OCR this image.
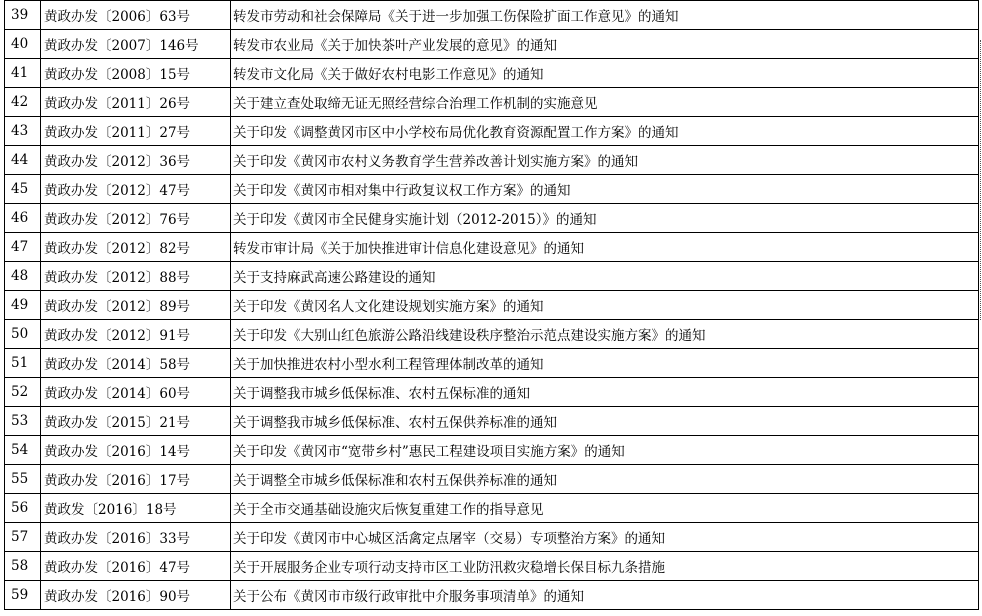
39	黄政办发〔2006〕63号	转发市劳动和社会保障局《关于进一步加强工伤保险扩面工作意见》的通知
40	黄政办发〔2007〕146号	转发市农业局《关于加快茶叶产业发展的意见》的通知
41	黄政办发〔2008〕15号	转发市文化局《关于做好农村电影工作意见》的通知
42	黄政办发〔2011〕26号	关于建立查处取缔无证无照经营综合治理工作机制的实施意见
43	黄政办发〔2011〕27号	关于印发《调整黄冈市区中小学校布局优化教育资源配置工作方案》的通知
44	黄政办发〔2012〕36号	关于印发《黄冈市农村义务教育学生营养改善计划实施方案》的通知
45	黄政办发〔2012〕47号	关于印发《黄冈市相对集中行政复议权工作方案》的通知
46	黄政办发〔2012〕76号	关于印发《黄冈市全民健身实施计划（2012-2015）》的通知
47	黄政办发〔2012〕82号	转发市审计局《关于加快推进审计信息化建设意见》的通知
48	黄政办发〔2012〕88号	关于支持麻武高速公路建设的通知
49	黄政办发〔2012〕89号	关于印发《黄冈名人文化建设规划实施方案》的通知
50	黄政办发〔2012〕91号	关于印发《大别山红色旅游公路沿线建设秩序整治示范点建设实施方案》的通知
51	黄政办发〔2014〕58号	关于加快推进农村小型水利工程管理体制改革的通知
52	黄政办发〔2014〕60号	关于调整我市城乡低保标准、农村五保标准的通知
53	黄政办发〔2015〕21号	关于调整我市城乡低保标准、农村五保供养标准的通知
54	黄政办发〔2016〕14号	关于印发《黄冈市“宽带乡村”惠民工程建设项目实施方案》的通知
55	黄政办发〔2016〕17号	关于调整全市城乡低保标准和农村五保供养标准的通知
56	黄政发〔2016〕18号	关于全市交通基础设施灾后恢复重建工作的指导意见
57	黄政办发〔2016〕33号	关于印发《黄冈市中心城区活禽定点屠宰（交易）专项整治方案》的通知
58	黄政办发〔2016〕47号	关于开展服务企业专项行动支持市区工业防汛救灾稳增长保目标九条措施
59	黄政办发〔2016〕90号	关于公布《黄冈市市级行政审批中介服务事项清单》的通知
